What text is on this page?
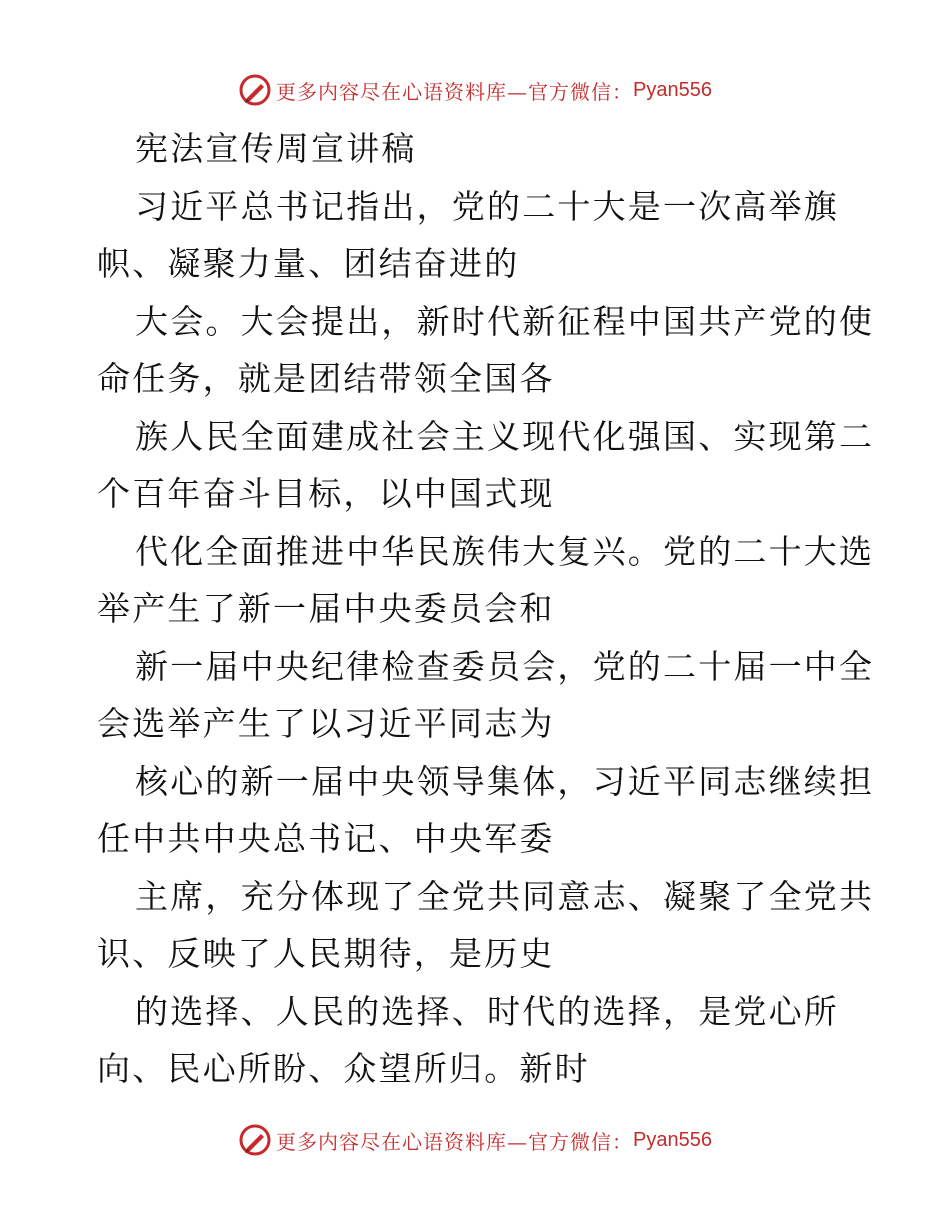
更多内容尽在心语资料库—官方微信： Pyan556
宪法宣传周宣讲稿
习近平总书记指出，党的二十大是一次高举旗
帜、凝聚力量、团结奋进的
大会。大会提出，新时代新征程中国共产党的使
命任务，就是团结带领全国各
族人民全面建成社会主义现代化强国、实现第二
个百年奋斗目标，以中国式现
代化全面推进中华民族伟大复兴。党的二十大选
举产生了新一届中央委员会和
新一届中央纪律检查委员会，党的二十届一中全
会选举产生了以习近平同志为
核心的新一届中央领导集体，习近平同志继续担
任中共中央总书记、中央军委
主席，充分体现了全党共同意志、凝聚了全党共
识、反映了人民期待，是历史
的选择、人民的选择、时代的选择，是党心所
向、民心所盼、众望所归。新时
更多内容尽在心语资料库—官方微信： Pyan556
